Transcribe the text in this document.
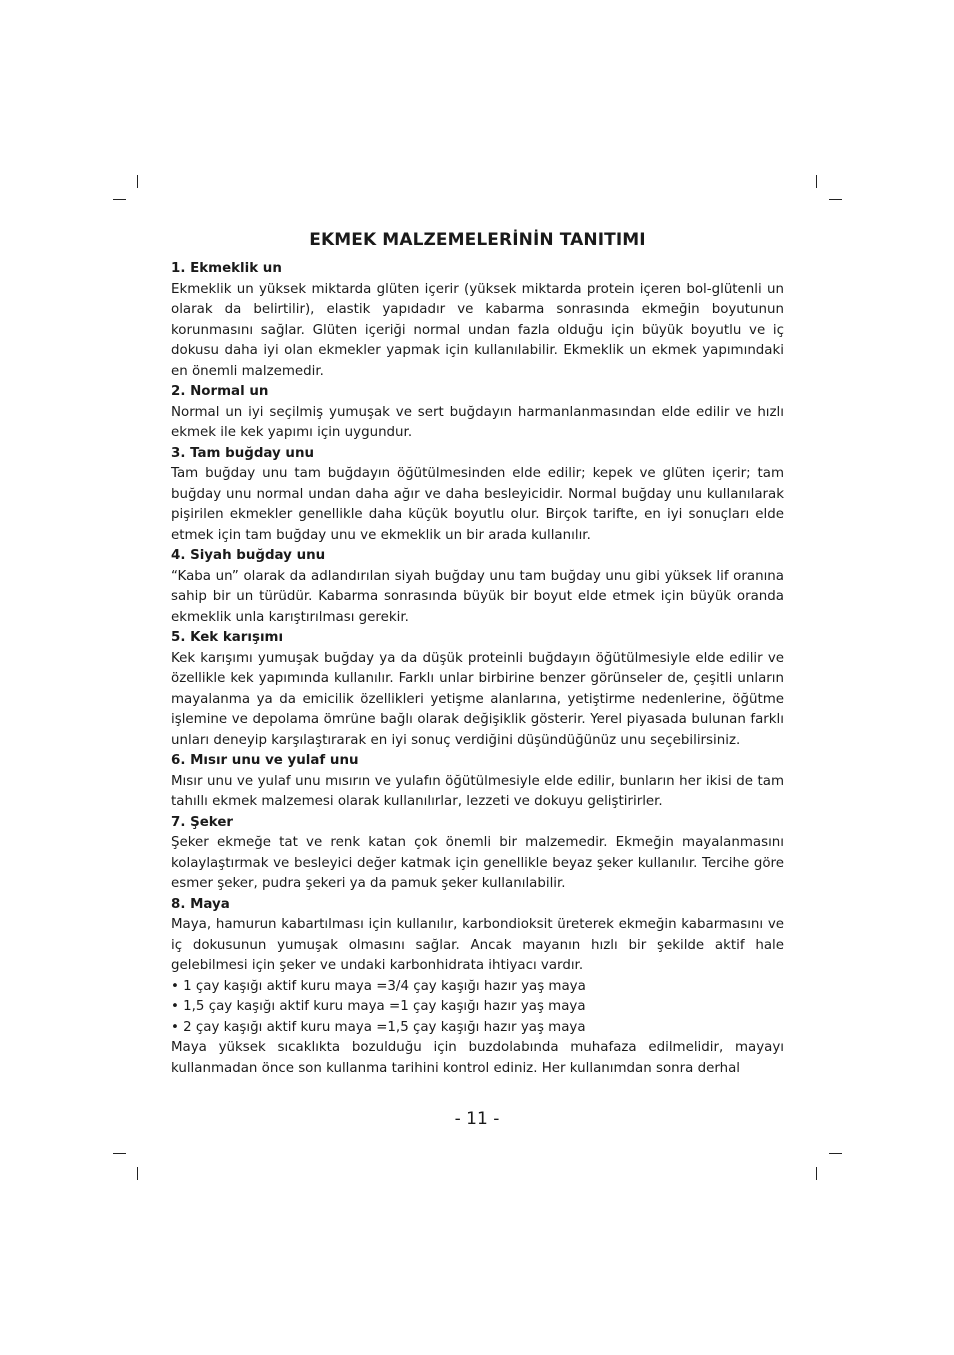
EKMEK MALZEMELERİNİN TANITIMI

1. Ekmeklik un

Ekmeklik un yüksek miktarda glüten içerir (yüksek miktarda protein içeren bol-glütenli un olarak da belirtilir), elastik yapıdadır ve kabarma sonrasında ekmeğin boyutunun korunmasını sağlar. Glüten içeriği normal undan fazla olduğu için büyük boyutlu ve iç dokusu daha iyi olan ekmekler yapmak için kullanılabilir. Ekmeklik un ekmek yapımındaki en önemli malzemedir.

2. Normal un

Normal un iyi seçilmiş yumuşak ve sert buğdayın harmanlanmasından elde edilir ve hızlı ekmek ile kek yapımı için uygundur.

3. Tam buğday unu

Tam buğday unu tam buğdayın öğütülmesinden elde edilir; kepek ve glüten içerir; tam buğday unu normal undan daha ağır ve daha besleyicidir. Normal buğday unu kullanılarak pişirilen ekmekler genellikle daha küçük boyutlu olur. Birçok tarifte, en iyi sonuçları elde etmek için tam buğday unu ve ekmeklik un bir arada kullanılır.

4. Siyah buğday unu

“Kaba un” olarak da adlandırılan siyah buğday unu tam buğday unu gibi yüksek lif oranına sahip bir un türüdür. Kabarma sonrasında büyük bir boyut elde etmek için büyük oranda ekmeklik unla karıştırılması gerekir.

5. Kek karışımı

Kek karışımı yumuşak buğday ya da düşük proteinli buğdayın öğütülmesiyle elde edilir ve özellikle kek yapımında kullanılır. Farklı unlar birbirine benzer görünseler de, çeşitli unların mayalanma ya da emicilik özellikleri yetişme alanlarına, yetiştirme nedenlerine, öğütme işlemine ve depolama ömrüne bağlı olarak değişiklik gösterir. Yerel piyasada bulunan farklı unları deneyip karşılaştırarak en iyi sonuç verdiğini düşündüğünüz unu seçebilirsiniz.

6. Mısır unu ve yulaf unu

Mısır unu ve yulaf unu mısırın ve yulafın öğütülmesiyle elde edilir, bunların her ikisi de tam tahıllı ekmek malzemesi olarak kullanılırlar, lezzeti ve dokuyu geliştirirler.

7. Şeker

Şeker ekmeğe tat ve renk katan çok önemli bir malzemedir. Ekmeğin mayalanmasını kolaylaştırmak ve besleyici değer katmak için genellikle beyaz şeker kullanılır. Tercihe göre esmer şeker, pudra şekeri ya da pamuk şeker kullanılabilir.

8. Maya

Maya, hamurun kabartılması için kullanılır, karbondioksit üreterek ekmeğin kabarmasını ve iç dokusunun yumuşak olmasını sağlar. Ancak mayanın hızlı bir şekilde aktif hale gelebilmesi için şeker ve undaki karbonhidrata ihtiyacı vardır.

• 1 çay kaşığı aktif kuru maya =3/4 çay kaşığı hazır yaş maya

• 1,5 çay kaşığı aktif kuru maya =1 çay kaşığı hazır yaş maya

• 2 çay kaşığı aktif kuru maya =1,5 çay kaşığı hazır yaş maya

Maya yüksek sıcaklıkta bozulduğu için buzdolabında muhafaza edilmelidir, mayayı kullanmadan önce son kullanma tarihini kontrol ediniz. Her kullanımdan sonra derhal

- 11 -
